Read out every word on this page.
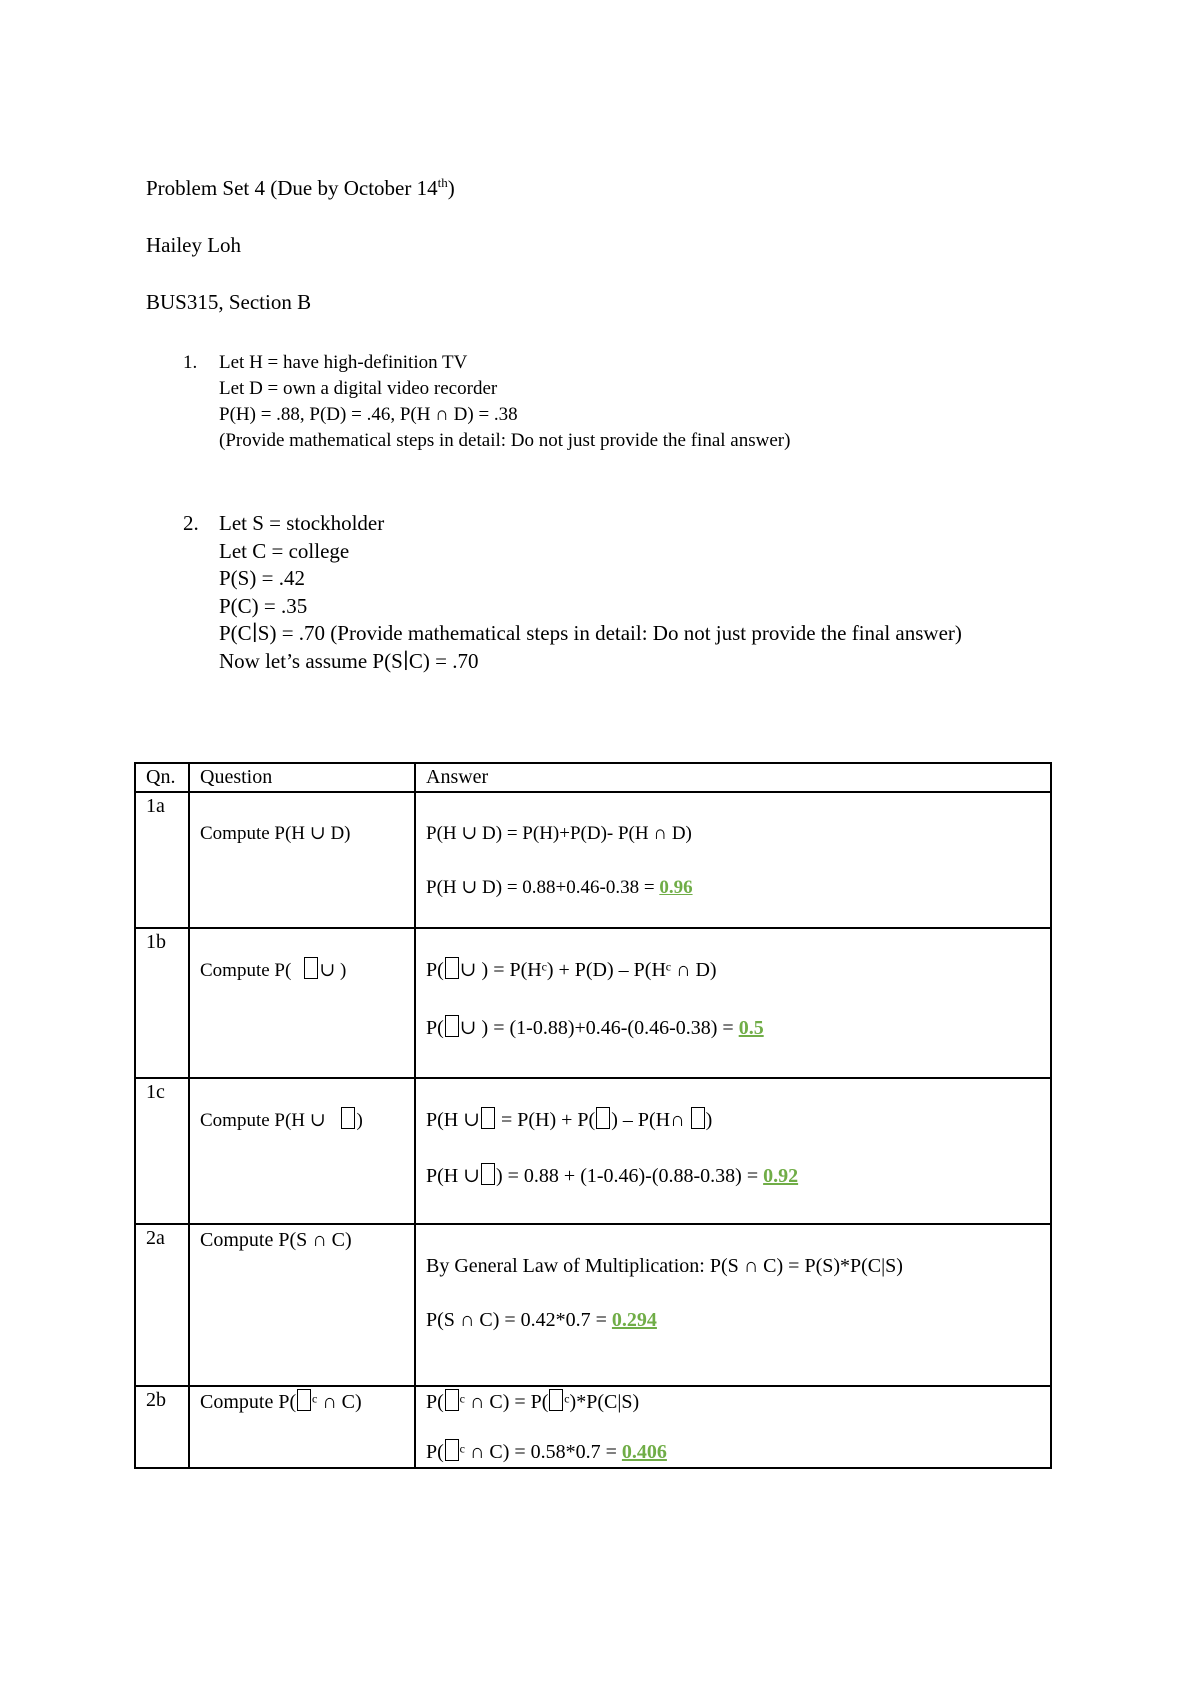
Problem Set 4 (Due by October 14th)
Hailey Loh
BUS315, Section B
1. Let H = have high-definition TV
Let D = own a digital video recorder
P(H) = .88, P(D) = .46, P(H ∩ D) = .38
(Provide mathematical steps in detail: Do not just provide the final answer)
2. Let S = stockholder
Let C = college
P(S) = .42
P(C) = .35
P(C∣S) = .70 (Provide mathematical steps in detail: Do not just provide the final answer)
Now let’s assume P(S∣C) = .70
Qn.	Question	Answer
1a	Compute P(H ∪ D)	P(H ∪ D) = P(H)+P(D)- P(H ∩ D)
P(H ∪ D) = 0.88+0.46-0.38 = 0.96

1b	Compute P( ∪ )	P( ∪ ) = P(Hᶜ) + P(D) – P(Hᶜ ∩ D)
P( ∪ ) = (1-0.88)+0.46-(0.46-0.38) = 0.5

1c	Compute P(H ∪ )	P(H ∪ = P(H) + P( ) – P(H∩ )
P(H ∪ ) = 0.88 + (1-0.46)-(0.88-0.38) = 0.92

2a	Compute P(S ∩ C)	By General Law of Multiplication: P(S ∩ C) = P(S)*P(C|S)
P(S ∩ C) = 0.42*0.7 = 0.294

2b	Compute P( ᶜ ∩ C)	P( ᶜ ∩ C) = P( ᶜ)*P(C|S)
P( ᶜ ∩ C) = 0.58*0.7 = 0.406
